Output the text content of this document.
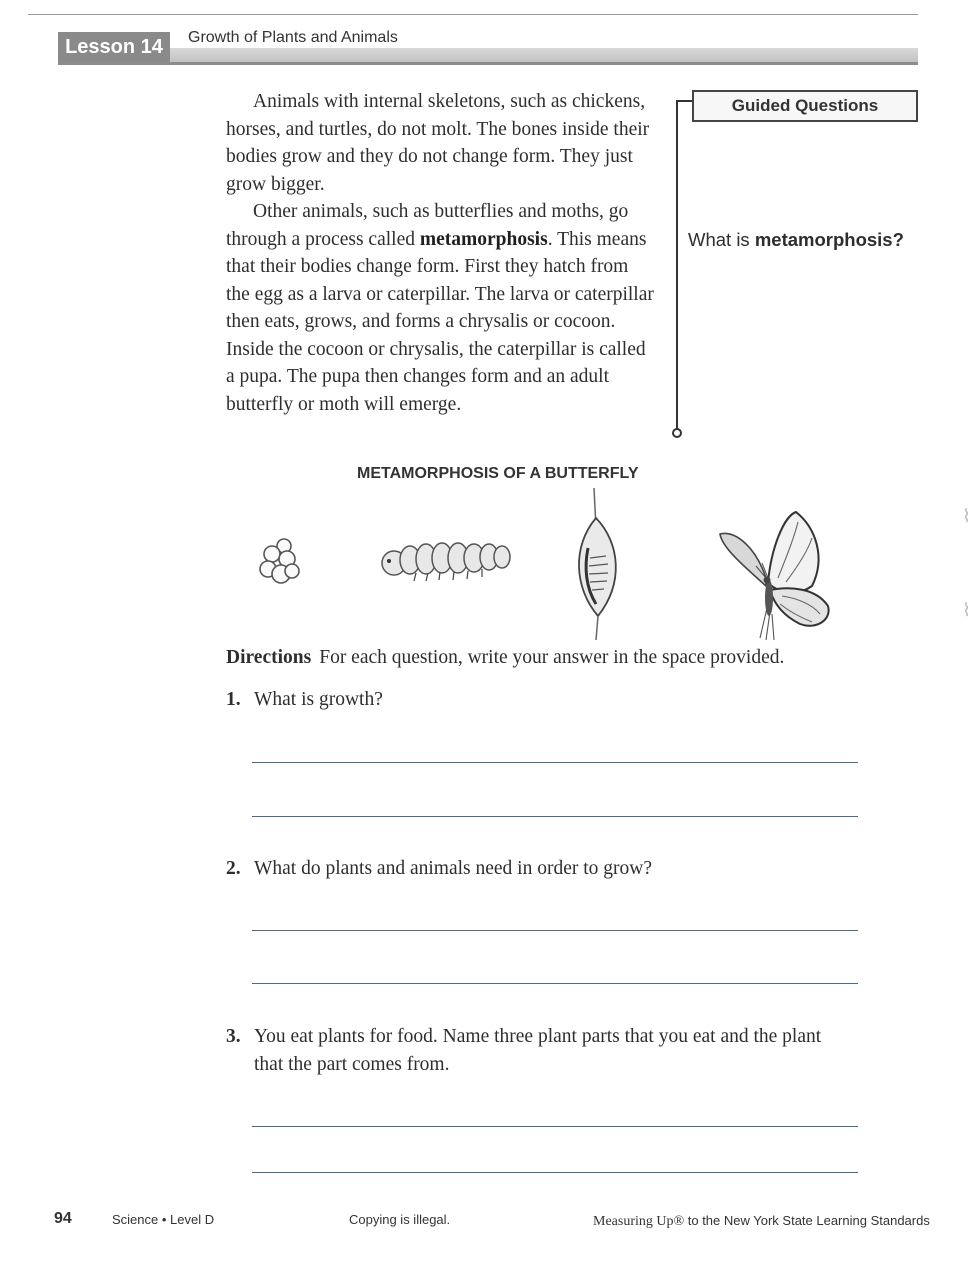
Lesson 14	Growth of Plants and Animals

Animals with internal skeletons, such as chickens, horses, and turtles, do not molt. The bones inside their bodies grow and they do not change form. They just grow bigger.

Other animals, such as butterflies and moths, go through a process called metamorphosis. This means that their bodies change form. First they hatch from the egg as a larva or caterpillar. The larva or caterpillar then eats, grows, and forms a chrysalis or cocoon. Inside the cocoon or chrysalis, the caterpillar is called a pupa. The pupa then changes form and an adult butterfly or moth will emerge.

Guided Questions
What is metamorphosis?
METAMORPHOSIS OF A BUTTERFLY
Directions For each question, write your answer in the space provided.
1. What is growth?
2. What do plants and animals need in order to grow?
3. You eat plants for food. Name three plant parts that you eat and the plant that the part comes from.
94	Science • Level D	Copying is illegal.	Measuring Up® to the New York State Learning Standards
⌇
⌇
